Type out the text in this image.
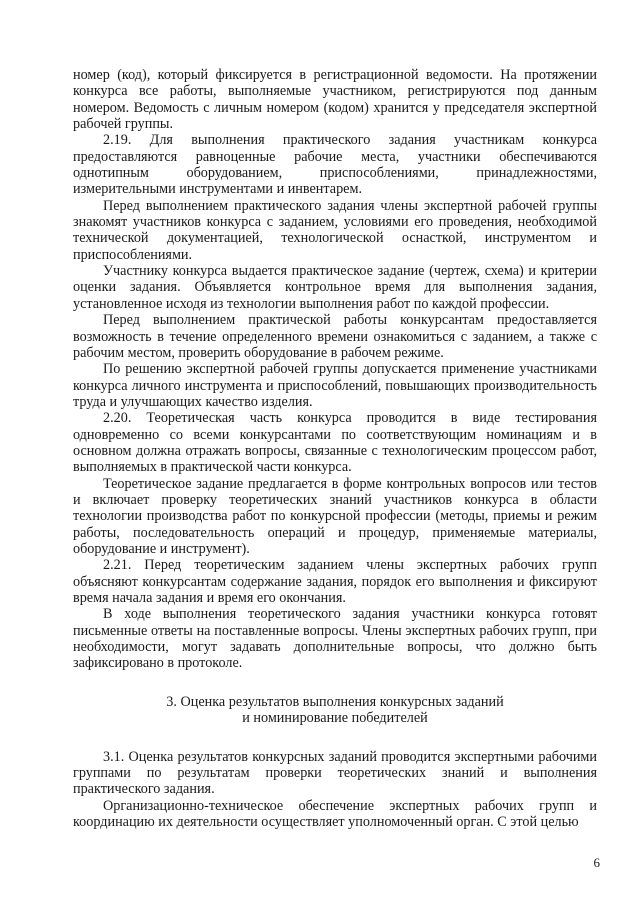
номер (код), который фиксируется в регистрационной ведомости. На протяжении конкурса все работы, выполняемые участником, регистрируются под данным номером. Ведомость с личным номером (кодом) хранится у председателя экспертной рабочей группы.

2.19. Для выполнения практического задания участникам конкурса предоставляются равноценные рабочие места, участники обеспечиваются однотипным оборудованием, приспособлениями, принадлежностями, измерительными инструментами и инвентарем.

Перед выполнением практического задания члены экспертной рабочей группы знакомят участников конкурса с заданием, условиями его проведения, необходимой технической документацией, технологической оснасткой, инструментом и приспособлениями.

Участнику конкурса выдается практическое задание (чертеж, схема) и критерии оценки задания. Объявляется контрольное время для выполнения задания, установленное исходя из технологии выполнения работ по каждой профессии.

Перед выполнением практической работы конкурсантам предоставляется возможность в течение определенного времени ознакомиться с заданием, а также с рабочим местом, проверить оборудование в рабочем режиме.

По решению экспертной рабочей группы допускается применение участниками конкурса личного инструмента и приспособлений, повышающих производительность труда и улучшающих качество изделия.

2.20. Теоретическая часть конкурса проводится в виде тестирования одновременно со всеми конкурсантами по соответствующим номинациям и в основном должна отражать вопросы, связанные с технологическим процессом работ, выполняемых в практической части конкурса.

Теоретическое задание предлагается в форме контрольных вопросов или тестов и включает проверку теоретических знаний участников конкурса в области технологии производства работ по конкурсной профессии (методы, приемы и режим работы, последовательность операций и процедур, применяемые материалы, оборудование и инструмент).

2.21. Перед теоретическим заданием члены экспертных рабочих групп объясняют конкурсантам содержание задания, порядок его выполнения и фиксируют время начала задания и время его окончания.

В ходе выполнения теоретического задания участники конкурса готовят письменные ответы на поставленные вопросы. Члены экспертных рабочих групп, при необходимости, могут задавать дополнительные вопросы, что должно быть зафиксировано в протоколе.

3. Оценка результатов выполнения конкурсных заданий
и номинирование победителей

3.1. Оценка результатов конкурсных заданий проводится экспертными рабочими группами по результатам проверки теоретических знаний и выполнения практического задания.

Организационно-техническое обеспечение экспертных рабочих групп и координацию их деятельности осуществляет уполномоченный орган. С этой целью

6
